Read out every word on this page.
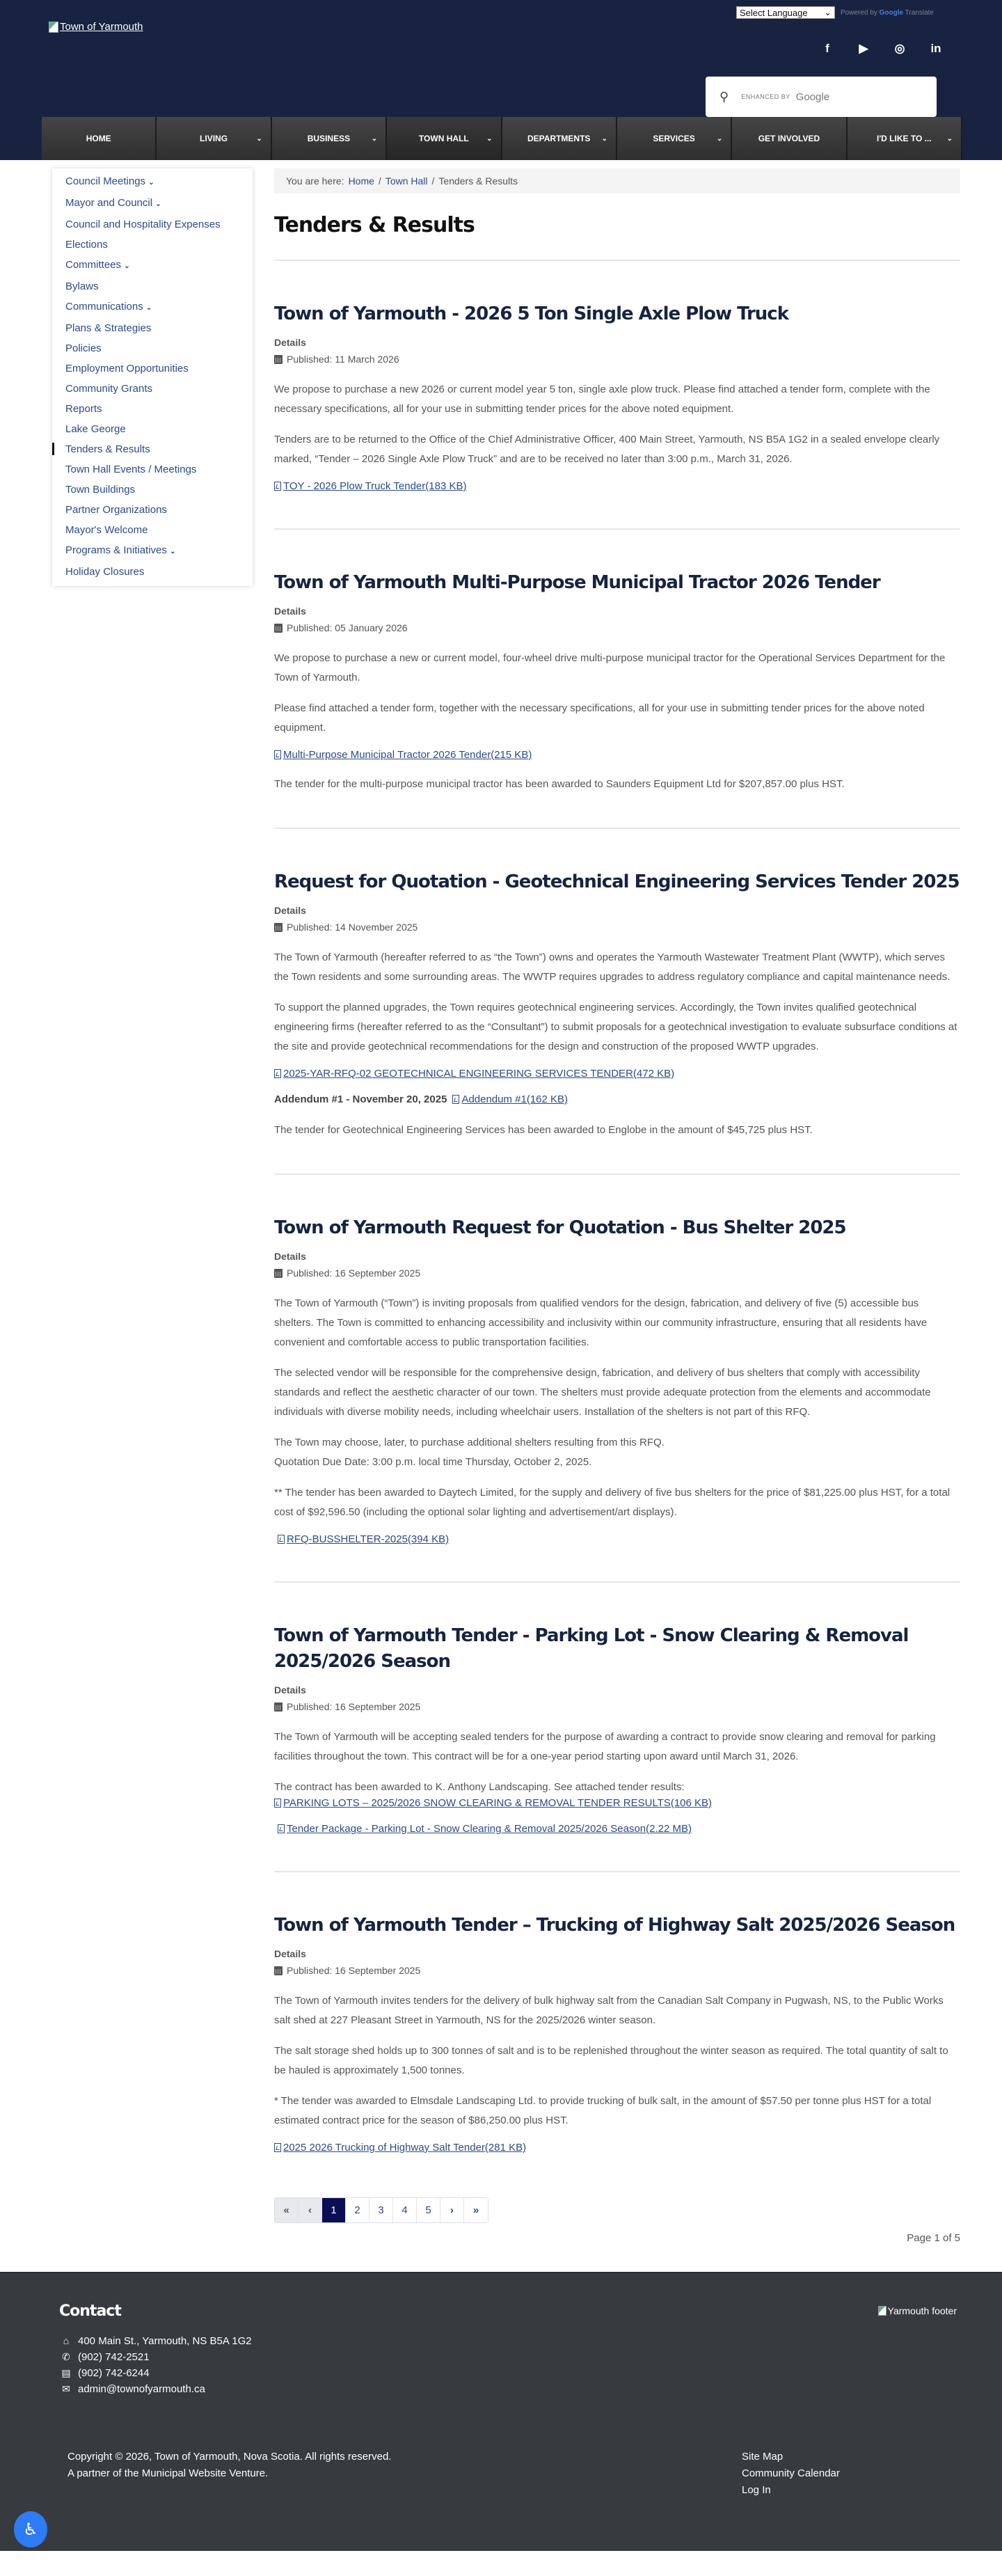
Town of Yarmouth
Select Language ⌄ Powered by Google Translate
f	▶ ◎ in
⚲ ENHANCED BY Google
HOME	LIVING	⌄	BUSINESS	⌄	TOWN HALL	⌄	DEPARTMENTS ⌄	SERVICES	⌄	GET INVOLVED	I'D LIKE TO ... ⌄
Council Meetings ⌄
Mayor and Council ⌄
Council and Hospitality Expenses
Elections
Committees ⌄
Bylaws
Communications ⌄
Plans & Strategies
Policies
Employment Opportunities
Community Grants
Reports
Lake George
Tenders & Results
Town Hall Events / Meetings
Town Buildings
Partner Organizations
Mayor's Welcome
Programs & Initiatives ⌄
Holiday Closures
You are here: Home / Town Hall / Tenders & Results
Tenders & Results
Town of Yarmouth - 2026 5 Ton Single Axle Plow Truck
Details
Published: 11 March 2026

We propose to purchase a new 2026 or current model year 5 ton, single axle plow truck. Please find attached a tender form, complete with the necessary specifications, all for your use in submitting tender prices for the above noted equipment.

Tenders are to be returned to the Office of the Chief Administrative Officer, 400 Main Street, Yarmouth, NS B5A 1G2 in a sealed envelope clearly marked, “Tender – 2026 Single Axle Plow Truck” and are to be received no later than 3:00 p.m., March 31, 2026.

TOY - 2026 Plow Truck Tender(183 KB)
Town of Yarmouth Multi-Purpose Municipal Tractor 2026 Tender
Details
Published: 05 January 2026

We propose to purchase a new or current model, four-wheel drive multi-purpose municipal tractor for the Operational Services Department for the Town of Yarmouth.

Please find attached a tender form, together with the necessary specifications, all for your use in submitting tender prices for the above noted equipment.

Multi-Purpose Municipal Tractor 2026 Tender(215 KB)

The tender for the multi-purpose municipal tractor has been awarded to Saunders Equipment Ltd for $207,857.00 plus HST.

Request for Quotation - Geotechnical Engineering Services Tender 2025
Details
Published: 14 November 2025

The Town of Yarmouth (hereafter referred to as “the Town”) owns and operates the Yarmouth Wastewater Treatment Plant (WWTP), which serves the Town residents and some surrounding areas. The WWTP requires upgrades to address regulatory compliance and capital maintenance needs.

To support the planned upgrades, the Town requires geotechnical engineering services. Accordingly, the Town invites qualified geotechnical engineering firms (hereafter referred to as the “Consultant”) to submit proposals for a geotechnical investigation to evaluate subsurface conditions at the site and provide geotechnical recommendations for the design and construction of the proposed WWTP upgrades.

2025-YAR-RFQ-02 GEOTECHNICAL ENGINEERING SERVICES TENDER(472 KB)
Addendum #1 - November 20, 2025 Addendum #1(162 KB)

The tender for Geotechnical Engineering Services has been awarded to Englobe in the amount of $45,725 plus HST.

Town of Yarmouth Request for Quotation - Bus Shelter 2025
Details
Published: 16 September 2025

The Town of Yarmouth (“Town”) is inviting proposals from qualified vendors for the design, fabrication, and delivery of five (5) accessible bus shelters. The Town is committed to enhancing accessibility and inclusivity within our community infrastructure, ensuring that all residents have convenient and comfortable access to public transportation facilities.

The selected vendor will be responsible for the comprehensive design, fabrication, and delivery of bus shelters that comply with accessibility standards and reflect the aesthetic character of our town. The shelters must provide adequate protection from the elements and accommodate individuals with diverse mobility needs, including wheelchair users. Installation of the shelters is not part of this RFQ.

The Town may choose, later, to purchase additional shelters resulting from this RFQ.

Quotation Due Date: 3:00 p.m. local time Thursday, October 2, 2025.

** The tender has been awarded to Daytech Limited, for the supply and delivery of five bus shelters for the price of $81,225.00 plus HST, for a total cost of $92,596.50 (including the optional solar lighting and advertisement/art displays).

RFQ-BUSSHELTER-2025(394 KB)
Town of Yarmouth Tender - Parking Lot - Snow Clearing & Removal 2025/2026 Season
Details
Published: 16 September 2025

The Town of Yarmouth will be accepting sealed tenders for the purpose of awarding a contract to provide snow clearing and removal for parking facilities throughout the town. This contract will be for a one-year period starting upon award until March 31, 2026.

The contract has been awarded to K. Anthony Landscaping. See attached tender results:

PARKING LOTS – 2025/2026 SNOW CLEARING & REMOVAL TENDER RESULTS(106 KB)

Tender Package - Parking Lot - Snow Clearing & Removal 2025/2026 Season(2.22 MB)
Town of Yarmouth Tender – Trucking of Highway Salt 2025/2026 Season
Details
Published: 16 September 2025

The Town of Yarmouth invites tenders for the delivery of bulk highway salt from the Canadian Salt Company in Pugwash, NS, to the Public Works salt shed at 227 Pleasant Street in Yarmouth, NS for the 2025/2026 winter season.

The salt storage shed holds up to 300 tonnes of salt and is to be replenished throughout the winter season as required. The total quantity of salt to be hauled is approximately 1,500 tonnes.

* The tender was awarded to Elmsdale Landscaping Ltd. to provide trucking of bulk salt, in the amount of $57.50 per tonne plus HST for a total estimated contract price for the season of $86,250.00 plus HST.

2025 2026 Trucking of Highway Salt Tender(281 KB)
«	‹	1	2	3	4	5	›	»
Page 1 of 5
Contact
⌂ 400 Main St., Yarmouth, NS B5A 1G2
✆ (902) 742-2521
▤ (902) 742-6244
✉ admin@townofyarmouth.ca
Yarmouth footer
Copyright © 2026, Town of Yarmouth, Nova Scotia. All rights reserved.
A partner of the Municipal Website Venture.
Site Map
Community Calendar
Log In
♿︎
